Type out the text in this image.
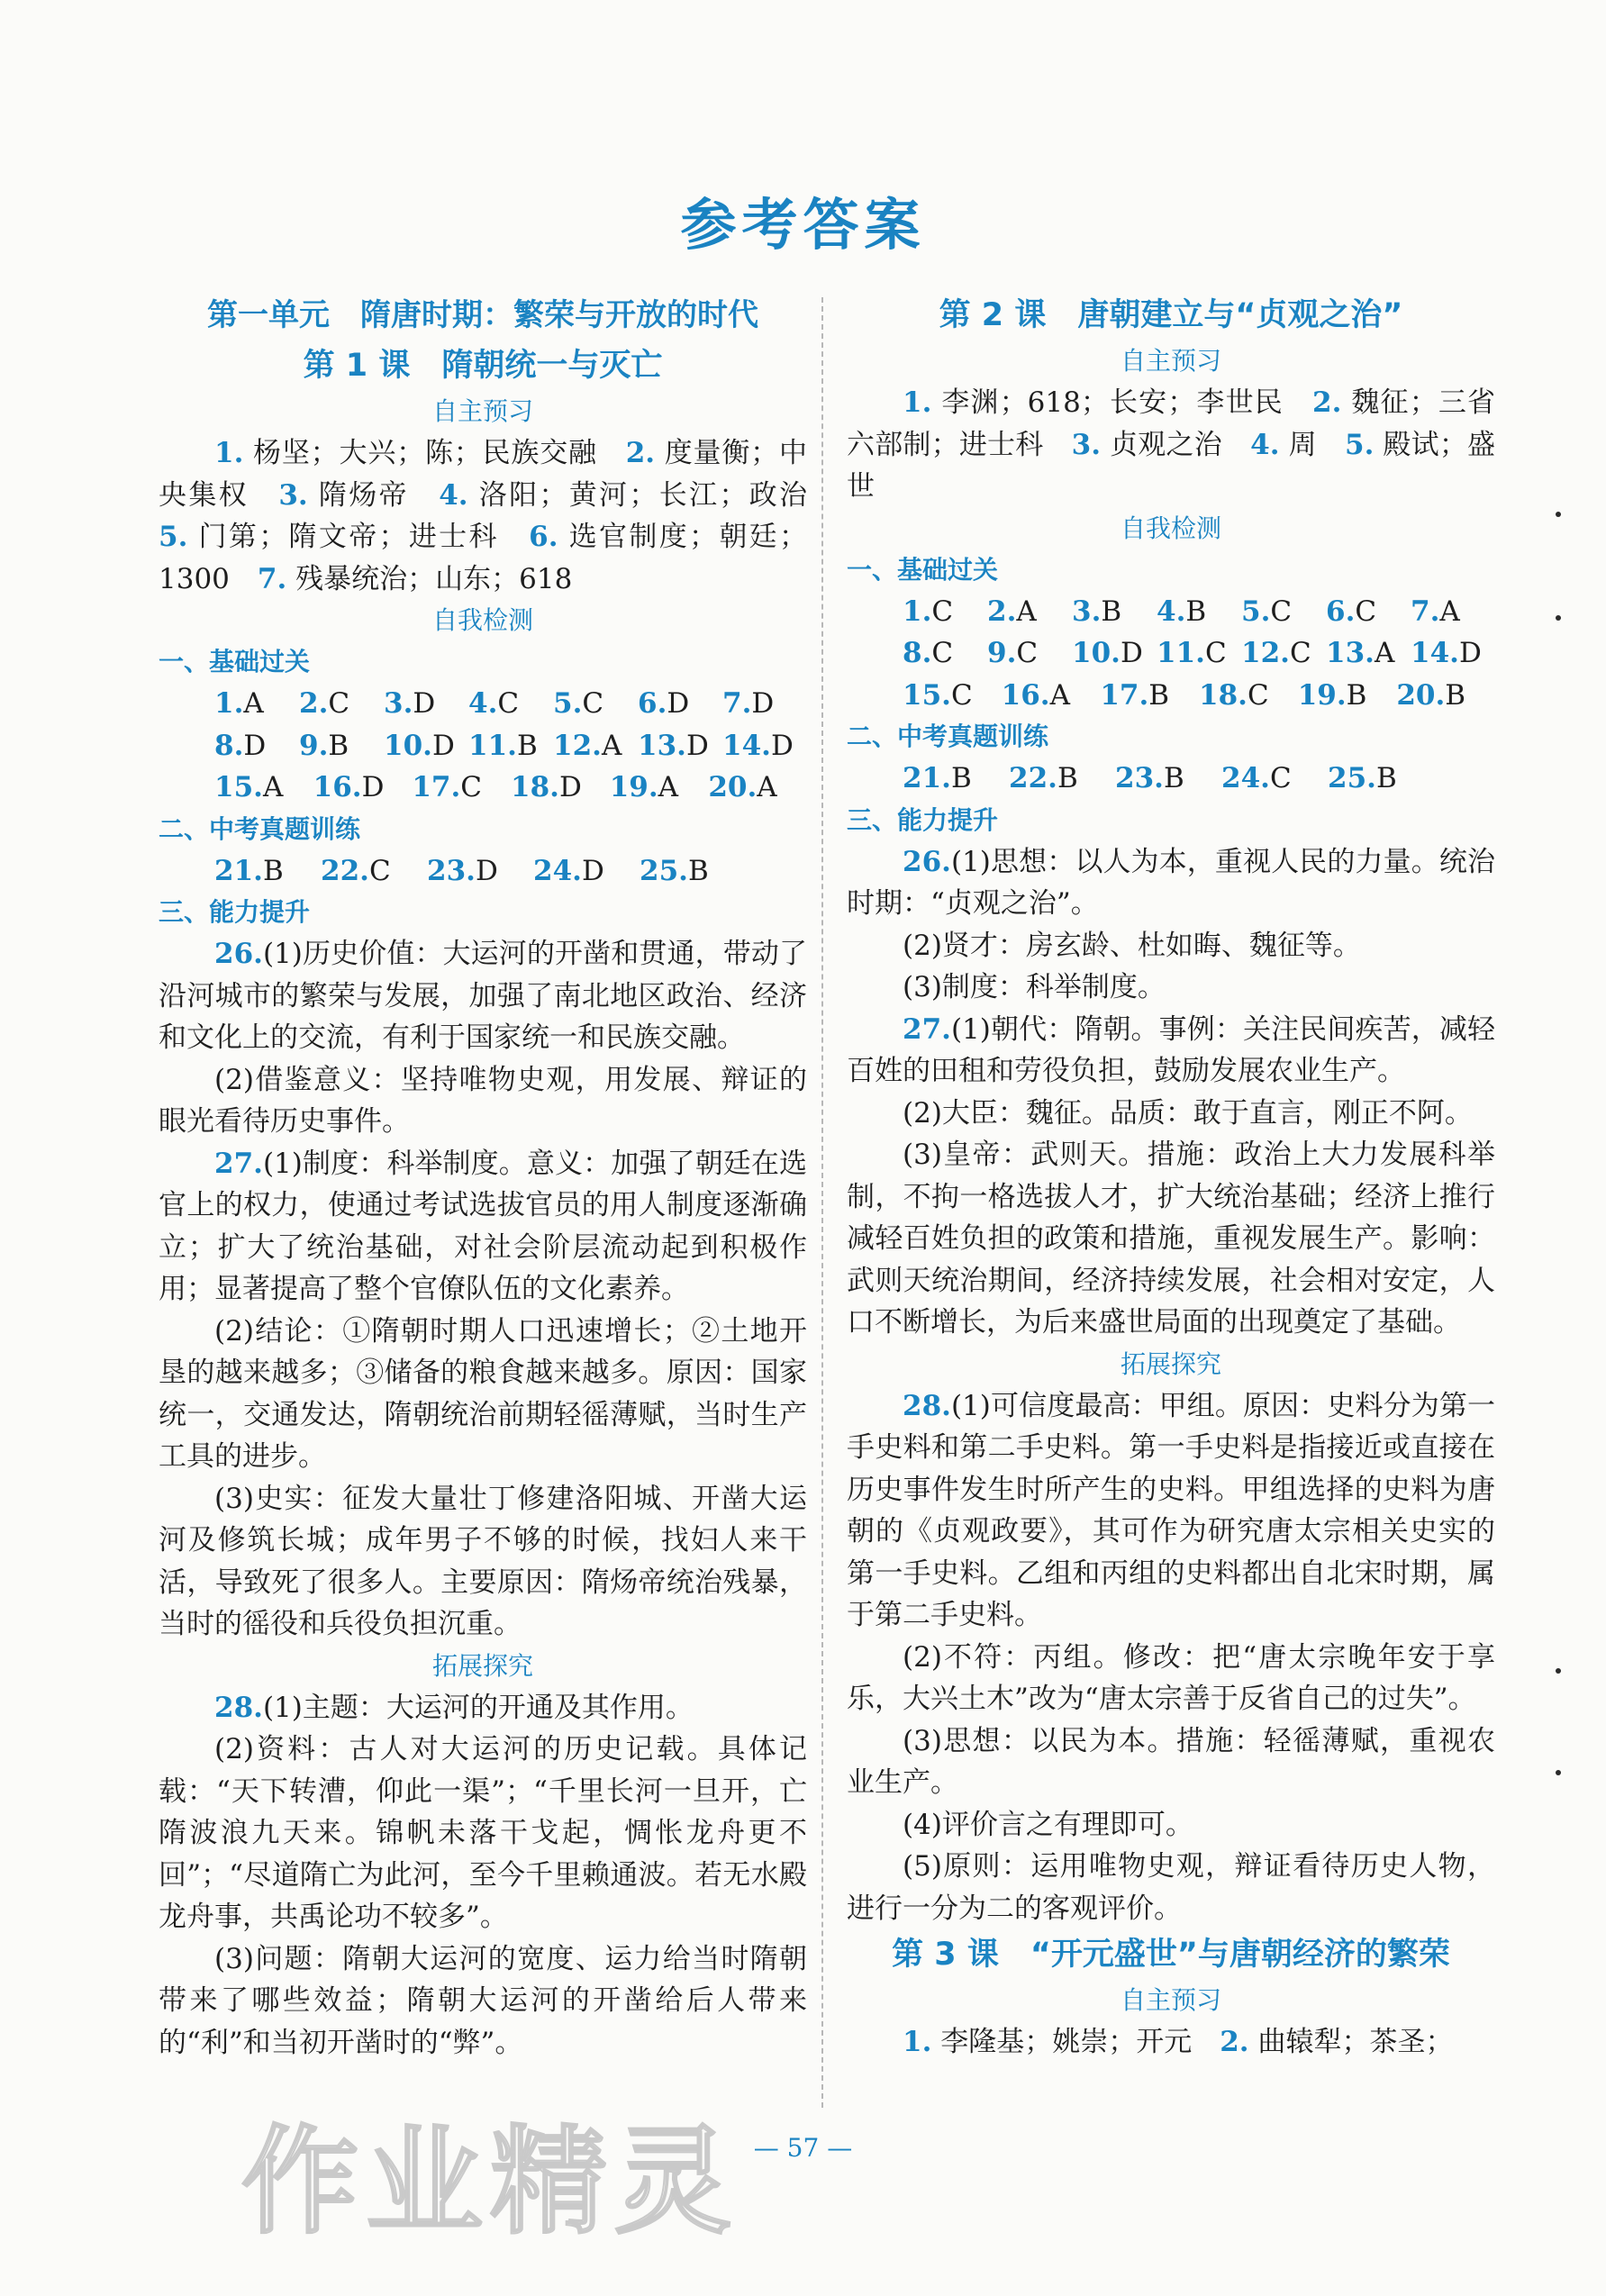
参考答案
第一单元　隋唐时期：繁荣与开放的时代
第 1 课　隋朝统一与灭亡
自主预习

1. 杨坚；大兴；陈；民族交融　 2. 度量衡；中央集权　 3. 隋炀帝　 4. 洛阳；黄河；长江；政治　5. 门第；隋文帝；进士科　 6. 选官制度；朝廷；1300　 7. 残暴统治；山东；618

自我检测
一、基础过关
1.A	2.C	3.D	4.C	5.C	6.D	7.D
8.D	9.B	10.D 11.B 12.A 13.D 14.D
15.A	16.D 17.C	18.D 19.A	20.A
二、中考真题训练
21.B	22.C	23.D	24.D	25.B
三、能力提升

26.(1)历史价值：大运河的开凿和贯通，带动了沿河城市的繁荣与发展，加强了南北地区政治、经济和文化上的交流，有利于国家统一和民族交融。

(2)借鉴意义：坚持唯物史观，用发展、辩证的眼光看待历史事件。

27.(1)制度：科举制度。意义：加强了朝廷在选官上的权力，使通过考试选拔官员的用人制度逐渐确立；扩大了统治基础，对社会阶层流动起到积极作用；显著提高了整个官僚队伍的文化素养。

(2)结论：①隋朝时期人口迅速增长；②土地开垦的越来越多；③储备的粮食越来越多。原因：国家统一，交通发达，隋朝统治前期轻徭薄赋，当时生产工具的进步。

(3)史实：征发大量壮丁修建洛阳城、开凿大运河及修筑长城；成年男子不够的时候，找妇人来干活，导致死了很多人。主要原因：隋炀帝统治残暴，当时的徭役和兵役负担沉重。

拓展探究

28.(1)主题：大运河的开通及其作用。

(2)资料：古人对大运河的历史记载。具体记载：“天下转漕，仰此一渠”；“千里长河一旦开，亡隋波浪九天来。锦帆未落干戈起，惆怅龙舟更不回”；“尽道隋亡为此河，至今千里赖通波。若无水殿龙舟事，共禹论功不较多”。

(3)问题：隋朝大运河的宽度、运力给当时隋朝带来了哪些效益；隋朝大运河的开凿给后人带来的“利”和当初开凿时的“弊”。

第 2 课　唐朝建立与“贞观之治”
自主预习

1. 李渊；618；长安；李世民　 2. 魏征；三省六部制；进士科　 3. 贞观之治　 4. 周　 5. 殿试；盛世

自我检测
一、基础过关
1.C	2.A	3.B	4.B	5.C	6.C	7.A
8.C	9.C	10.D 11.C 12.C 13.A 14.D
15.C	16.A	17.B	18.C	19.B	20.B
二、中考真题训练
21.B	22.B	23.B	24.C	25.B
三、能力提升

26.(1)思想：以人为本，重视人民的力量。统治时期：“贞观之治”。

(2)贤才：房玄龄、杜如晦、魏征等。

(3)制度：科举制度。

27.(1)朝代：隋朝。事例：关注民间疾苦，减轻百姓的田租和劳役负担，鼓励发展农业生产。

(2)大臣：魏征。品质：敢于直言，刚正不阿。

(3)皇帝：武则天。措施：政治上大力发展科举制，不拘一格选拔人才，扩大统治基础；经济上推行减轻百姓负担的政策和措施，重视发展生产。影响：武则天统治期间，经济持续发展，社会相对安定，人口不断增长，为后来盛世局面的出现奠定了基础。

拓展探究

28.(1)可信度最高：甲组。原因：史料分为第一手史料和第二手史料。第一手史料是指接近或直接在历史事件发生时所产生的史料。甲组选择的史料为唐朝的《贞观政要》，其可作为研究唐太宗相关史实的第一手史料。乙组和丙组的史料都出自北宋时期，属于第二手史料。

(2)不符：丙组。修改：把“唐太宗晚年安于享乐，大兴土木”改为“唐太宗善于反省自己的过失”。

(3)思想：以民为本。措施：轻徭薄赋，重视农业生产。

(4)评价言之有理即可。

(5)原则：运用唯物史观，辩证看待历史人物，进行一分为二的客观评价。

第 3 课　“开元盛世”与唐朝经济的繁荣
自主预习

1. 李隆基；姚崇；开元　 2. 曲辕犁；茶圣；

— 57 —
作业精灵
